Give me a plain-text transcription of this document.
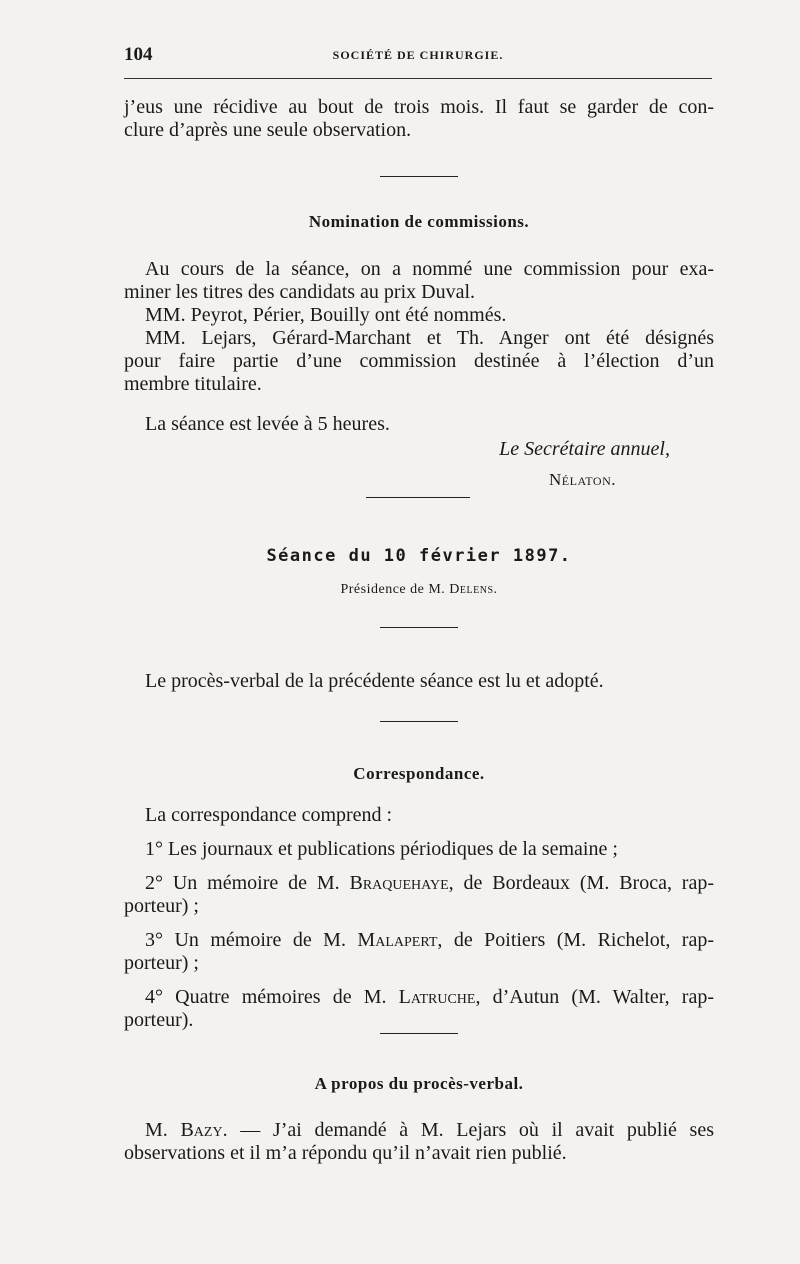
104	SOCIÉTÉ DE CHIRURGIE.

j’eus une récidive au bout de trois mois. Il faut se garder de con-

clure d’après une seule observation.

Nomination de commissions.

Au cours de la séance, on a nommé une commission pour exa-

miner les titres des candidats au prix Duval.

MM. Peyrot, Périer, Bouilly ont été nommés.

MM. Lejars, Gérard-Marchant et Th. Anger ont été désignés

pour faire partie d’une commission destinée à l’élection d’un

membre titulaire.

La séance est levée à 5 heures.

Le Secrétaire annuel,
Nélaton.
Séance du 10 février 1897.
Présidence de M. Delens.

Le procès-verbal de la précédente séance est lu et adopté.

Correspondance.

La correspondance comprend :

1° Les journaux et publications périodiques de la semaine ;

2° Un mémoire de M. Braquehaye, de Bordeaux (M. Broca, rap-

porteur) ;

3° Un mémoire de M. Malapert, de Poitiers (M. Richelot, rap-

porteur) ;

4° Quatre mémoires de M. Latruche, d’Autun (M. Walter, rap-

porteur).

A propos du procès-verbal.

M. Bazy. — J’ai demandé à M. Lejars où il avait publié ses

observations et il m’a répondu qu’il n’avait rien publié.
